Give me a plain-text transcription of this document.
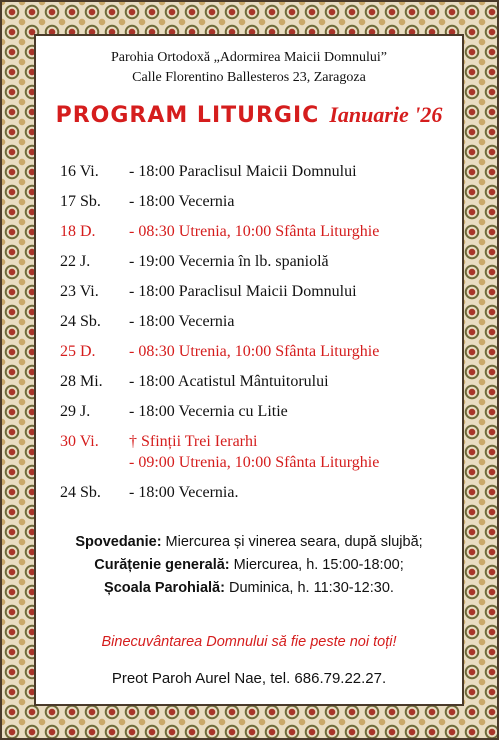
Parohia Ortodoxă „Adormirea Maicii Domnului”
Calle Florentino Ballesteros 23, Zaragoza
PROGRAM LITURGIC Ianuarie '26
16 Vi. - 18:00 Paraclisul Maicii Domnului
17 Sb. - 18:00 Vecernia
18 D. - 08:30 Utrenia, 10:00 Sfânta Liturghie
22 J. - 19:00 Vecernia în lb. spaniolă
23 Vi. - 18:00 Paraclisul Maicii Domnului
24 Sb. - 18:00 Vecernia
25 D. - 08:30 Utrenia, 10:00 Sfânta Liturghie
28 Mi. - 18:00 Acatistul Mântuitorului
29 J. - 18:00 Vecernia cu Litie
30 Vi. † Sfinții Trei Ierarhi
- 09:00 Utrenia, 10:00 Sfânta Liturghie
24 Sb. - 18:00 Vecernia.
Spovedanie: Miercurea și vinerea seara, după slujbă;
Curățenie generală: Miercurea, h. 15:00-18:00;
Școala Parohială: Duminica, h. 11:30-12:30.
Binecuvântarea Domnului să fie peste noi toți!
Preot Paroh Aurel Nae, tel. 686.79.22.27.
